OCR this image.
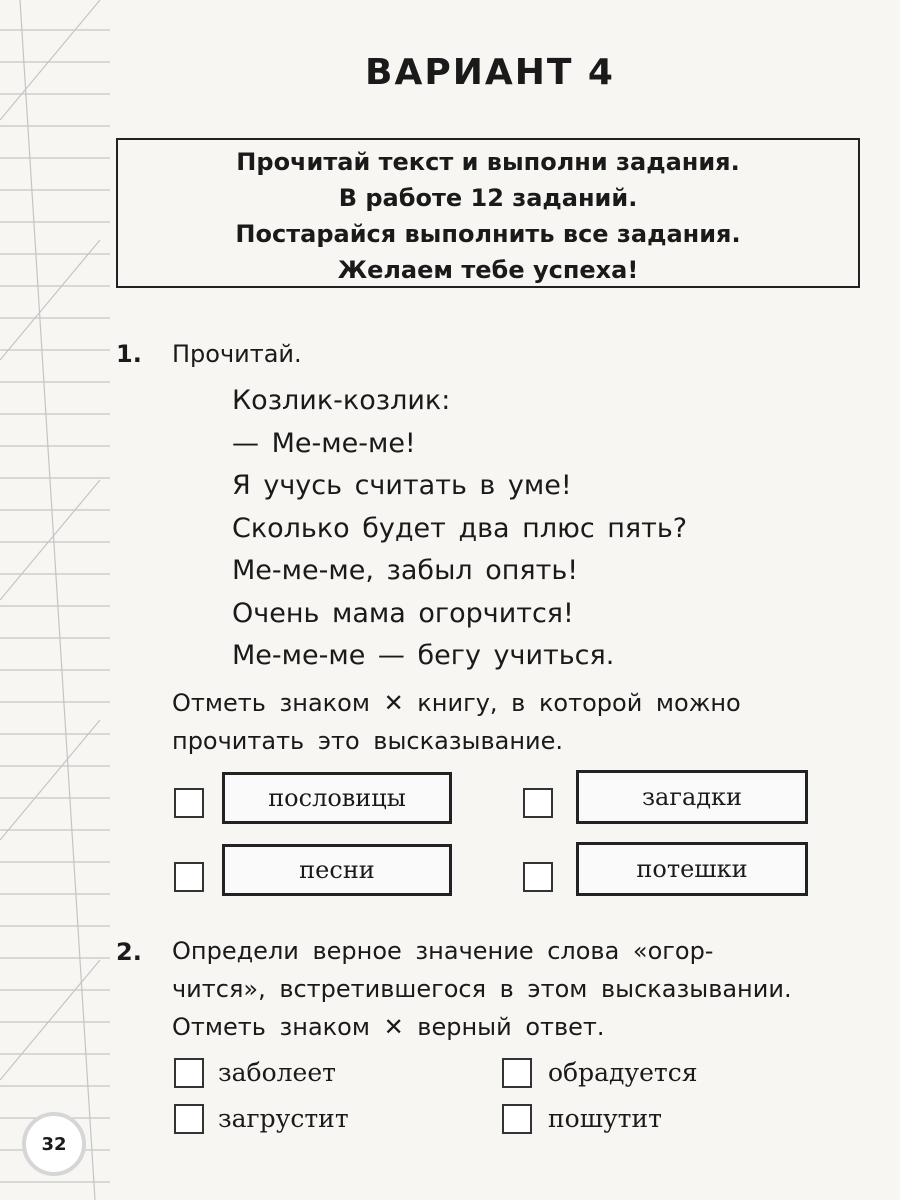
ВАРИАНТ 4
Прочитай текст и выполни задания.
В работе 12 заданий.
Постарайся выполнить все задания.
Желаем тебе успеха!
1. Прочитай.
Козлик-козлик:
— Ме-ме-ме!
Я учусь считать в уме!
Сколько будет два плюс пять?
Ме-ме-ме, забыл опять!
Очень мама огорчится!
Ме-ме-ме — бегу учиться.
Отметь знаком ✕ книгу, в которой можно
прочитать это высказывание.
пословицы	загадки
песни	потешки
2. Определи верное значение слова «огор-
чится», встретившегося в этом высказывании.
Отметь знаком ✕ верный ответ.
заболеет	обрадуется
загрустит	пошутит
32
